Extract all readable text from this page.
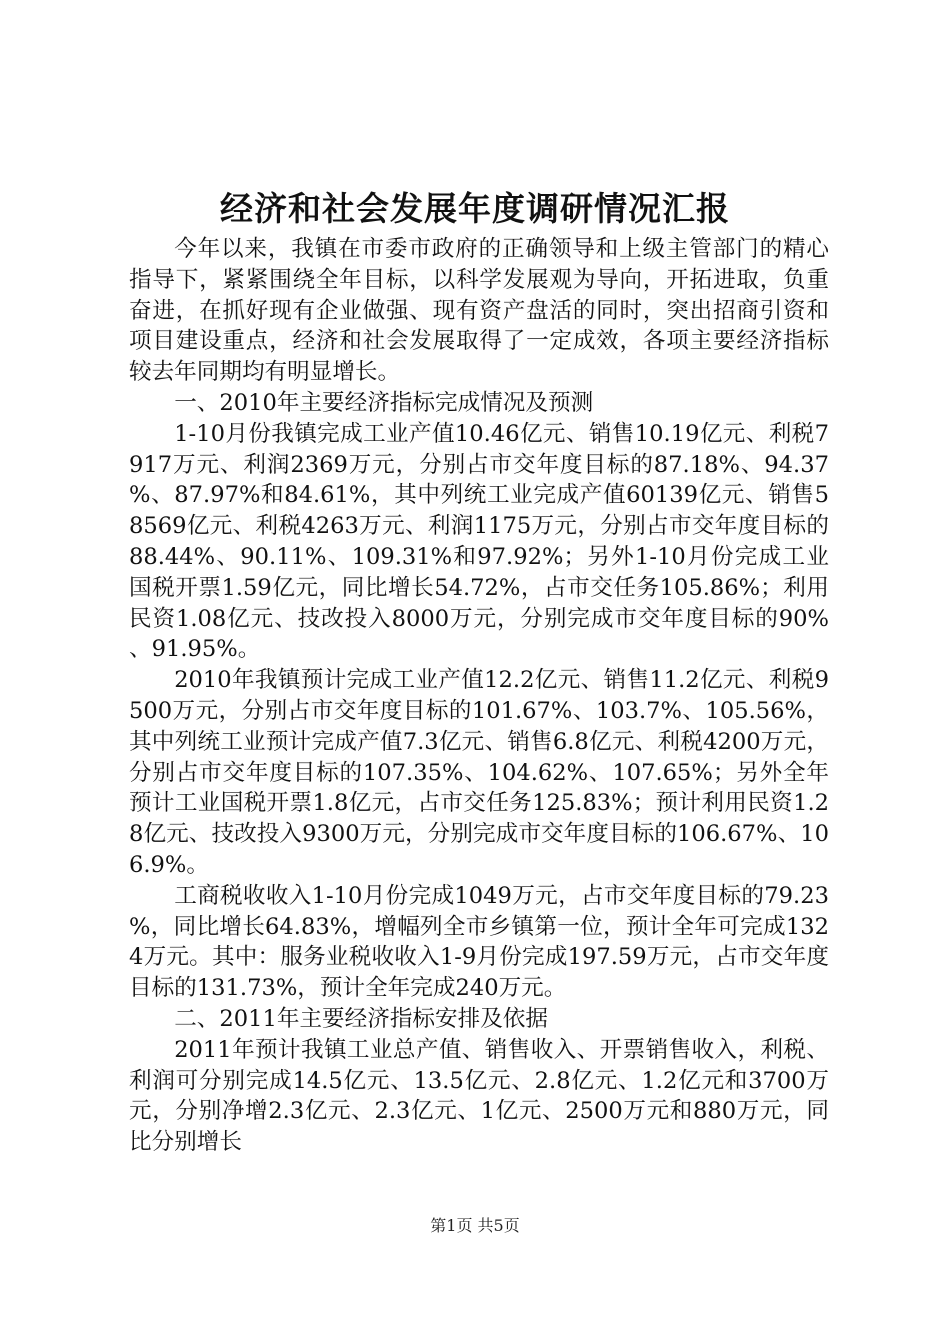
经济和社会发展年度调研情况汇报

今年以来，我镇在市委市政府的正确领导和上级主管部门的精心指导下，紧紧围绕全年目标，以科学发展观为导向，开拓进取，负重奋进，在抓好现有企业做强、现有资产盘活的同时，突出招商引资和项目建设重点，经济和社会发展取得了一定成效，各项主要经济指标较去年同期均有明显增长。

一、2010年主要经济指标完成情况及预测

1-10月份我镇完成工业产值10.46亿元、销售10.19亿元、利税7917万元、利润2369万元，分别占市交年度目标的87.18%、94.37%、87.97%和84.61%，其中列统工业完成产值60139亿元、销售58569亿元、利税4263万元、利润1175万元，分别占市交年度目标的88.44%、90.11%、109.31%和97.92%；另外1-10月份完成工业国税开票1.59亿元，同比增长54.72%，占市交任务105.86%；利用民资1.08亿元、技改投入8000万元，分别完成市交年度目标的90%、91.95%。

2010年我镇预计完成工业产值12.2亿元、销售11.2亿元、利税9500万元，分别占市交年度目标的101.67%、103.7%、105.56%，其中列统工业预计完成产值7.3亿元、销售6.8亿元、利税4200万元，分别占市交年度目标的107.35%、104.62%、107.65%；另外全年预计工业国税开票1.8亿元，占市交任务125.83%；预计利用民资1.28亿元、技改投入9300万元，分别完成市交年度目标的106.67%、106.9%。

工商税收收入1-10月份完成1049万元，占市交年度目标的79.23%，同比增长64.83%，增幅列全市乡镇第一位，预计全年可完成1324万元。其中：服务业税收收入1-9月份完成197.59万元，占市交年度目标的131.73%，预计全年完成240万元。

二、2011年主要经济指标安排及依据

2011年预计我镇工业总产值、销售收入、开票销售收入，利税、利润可分别完成14.5亿元、13.5亿元、2.8亿元、1.2亿元和3700万元，分别净增2.3亿元、2.3亿元、1亿元、2500万元和880万元，同比分别增长

第1页 共5页
